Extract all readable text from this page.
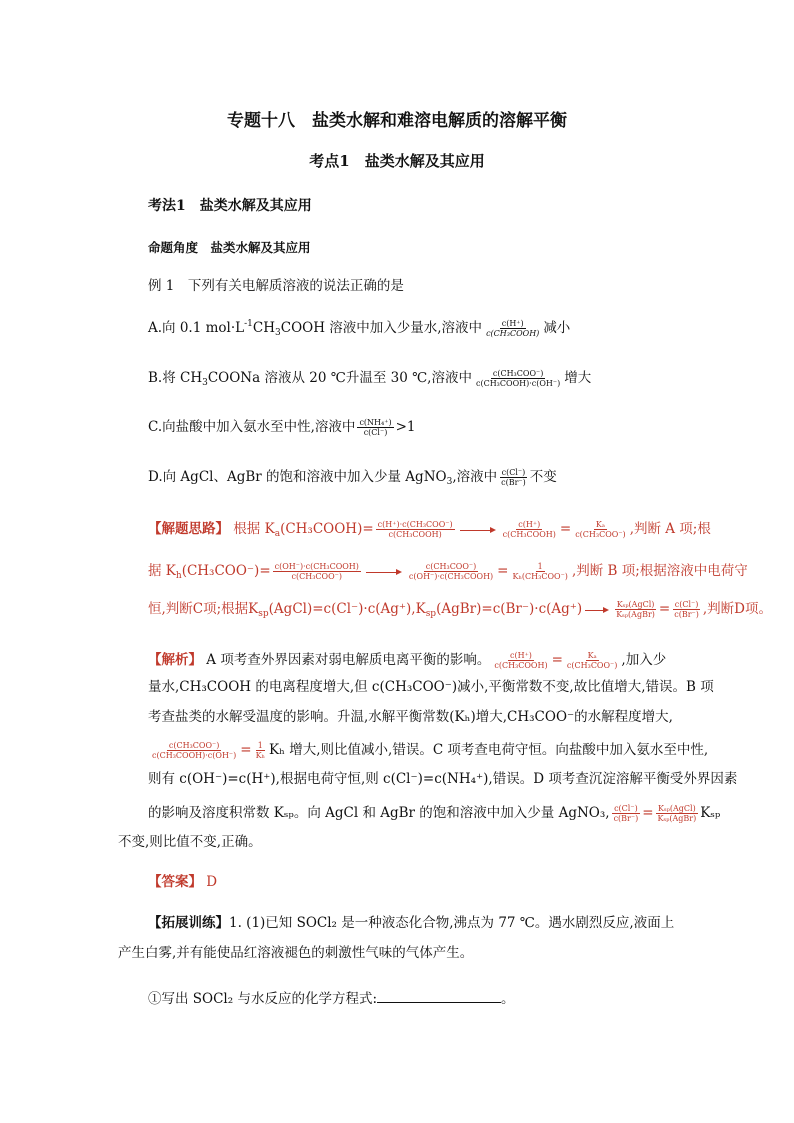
专题十八　盐类水解和难溶电解质的溶解平衡
考点1　盐类水解及其应用
考法1　盐类水解及其应用
命题角度　盐类水解及其应用
例 1　下列有关电解质溶液的说法正确的是
A.向 0.1 $mol\cdot L^{-1}CH_3COOH$ 溶液中加入少量水,溶液中 $\frac{c(H^+)}{\text{c(CH₃COOH)}}$ 减小
B.将 $CH_3COONa$ 溶液从 20 ℃升温至 30 ℃,溶液中 $\frac{\text{c(CH₃COO⁻)}}{\text{c(CH₃COOH)·c(OH⁻)}}$ 增大
C.向盐酸中加入氨水至中性,溶液中 $\frac{\text{c(NH₄⁺)}}{c(Cl^-)} >1$
D.向 AgCl、AgBr 的饱和溶液中加入少量 AgNO$_3$,溶液中 $\frac{c(Cl^-)}{c(Br^-)}$ 不变
【解题思路】 根据 $K_a(CH_3COOH)= \frac{\text{c(H⁺)·c(CH₃COO⁻)}}{\text{c(CH₃COOH)}}$	$\frac{c(H^+)}{\text{c(CH₃COOH)}} = \frac{\text{Kₐ}}{\text{c(CH₃COO⁻)}}$ ,判断 A 项;根
据 $K_h(CH_3COO^-)= \frac{\text{c(OH⁻)·c(CH₃COOH)}}{\text{c(CH₃COO⁻)}}$	$\frac{\text{c(CH₃COO⁻)}}{\text{c(OH⁻)·c(CH₃COOH)}} = \frac{1}{\text{Kₕ(CH₃COO⁻)}}$ ,判断 B 项;根据溶液中电荷守
恒,判断C项;根据$K_{sp}(AgCl)=c(Cl^-)\cdot c(Ag^+),K_{sp}(AgBr)=c(Br^-)\cdot c(Ag^+)$	$\frac{\text{Kₛₚ(AgCl)}}{\text{Kₛₚ(AgBr)}} = \frac{c(Cl^-)}{c(Br^-)}$ ,判断D项。
【解析】 A 项考查外界因素对弱电解质电离平衡的影响。 $\frac{c(H^+)}{\text{c(CH₃COOH)}} = \frac{\text{Kₐ}}{\text{c(CH₃COO⁻)}}$ ,加入少
量水,CH₃COOH 的电离程度增大,但 c(CH₃COO⁻)减小,平衡常数不变,故比值增大,错误。B 项
考查盐类的水解受温度的影响。升温,水解平衡常数(Kₕ)增大,CH₃COO⁻的水解程度增大,
$\frac{\text{c(CH₃COO⁻)}}{\text{c(CH₃COOH)·c(OH⁻)}} = \frac{1}{\text{Kₕ}}$ Kₕ 增大,则比值减小,错误。C 项考查电荷守恒。向盐酸中加入氨水至中性,
则有 c(OH⁻)=c(H⁺),根据电荷守恒,则 c(Cl⁻)=c(NH₄⁺),错误。D 项考查沉淀溶解平衡受外界因素
的影响及溶度积常数 Kₛₚ。向 AgCl 和 AgBr 的饱和溶液中加入少量 AgNO₃, $\frac{c(Cl^-)}{c(Br^-)} = \frac{\text{Kₛₚ(AgCl)}}{\text{Kₛₚ(AgBr)}}$ Kₛₚ
不变,则比值不变,正确。
【答案】 D
【拓展训练】1. (1)已知 SOCl₂ 是一种液态化合物,沸点为 77 ℃。遇水剧烈反应,液面上
产生白雾,并有能使品红溶液褪色的刺激性气味的气体产生。
①写出 SOCl₂ 与水反应的化学方程式:	。
